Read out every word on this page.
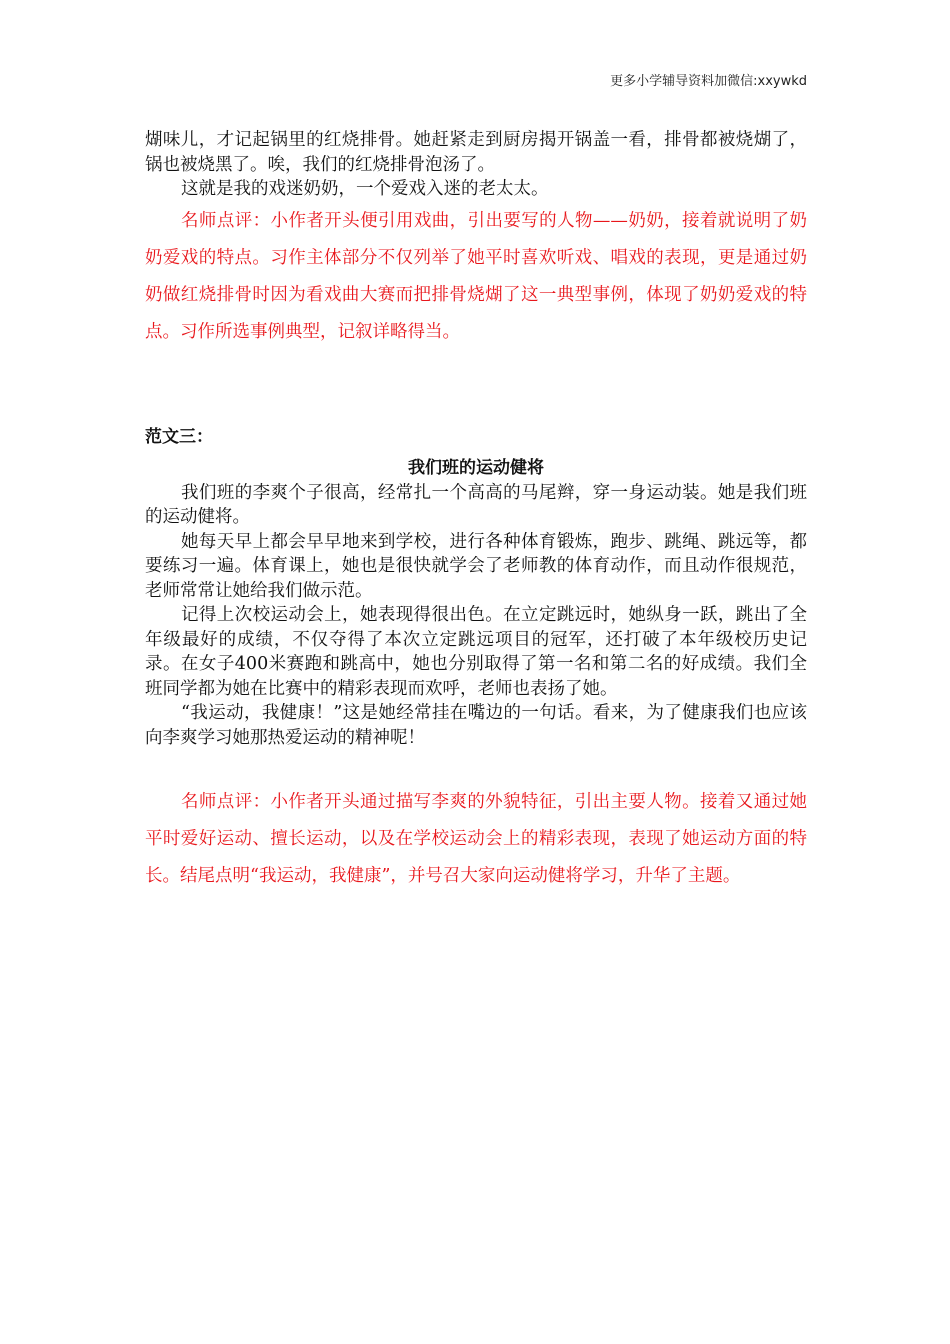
更多小学辅导资料加微信:xxywkd

煳味儿，才记起锅里的红烧排骨。她赶紧走到厨房揭开锅盖一看，排骨都被烧煳了，锅也被烧黑了。唉，我们的红烧排骨泡汤了。

这就是我的戏迷奶奶，一个爱戏入迷的老太太。

名师点评：小作者开头便引用戏曲，引出要写的人物——奶奶，接着就说明了奶奶爱戏的特点。习作主体部分不仅列举了她平时喜欢听戏、唱戏的表现，更是通过奶奶做红烧排骨时因为看戏曲大赛而把排骨烧煳了这一典型事例，体现了奶奶爱戏的特点。习作所选事例典型，记叙详略得当。

范文三：

我们班的运动健将

我们班的李爽个子很高，经常扎一个高高的马尾辫，穿一身运动装。她是我们班的运动健将。

她每天早上都会早早地来到学校，进行各种体育锻炼，跑步、跳绳、跳远等，都要练习一遍。体育课上，她也是很快就学会了老师教的体育动作，而且动作很规范，老师常常让她给我们做示范。

记得上次校运动会上，她表现得很出色。在立定跳远时，她纵身一跃，跳出了全年级最好的成绩，不仅夺得了本次立定跳远项目的冠军，还打破了本年级校历史记录。在女子400米赛跑和跳高中，她也分别取得了第一名和第二名的好成绩。我们全班同学都为她在比赛中的精彩表现而欢呼，老师也表扬了她。

“我运动，我健康！”这是她经常挂在嘴边的一句话。看来，为了健康我们也应该向李爽学习她那热爱运动的精神呢！

名师点评：小作者开头通过描写李爽的外貌特征，引出主要人物。接着又通过她平时爱好运动、擅长运动，以及在学校运动会上的精彩表现，表现了她运动方面的特长。结尾点明“我运动，我健康”，并号召大家向运动健将学习，升华了主题。
